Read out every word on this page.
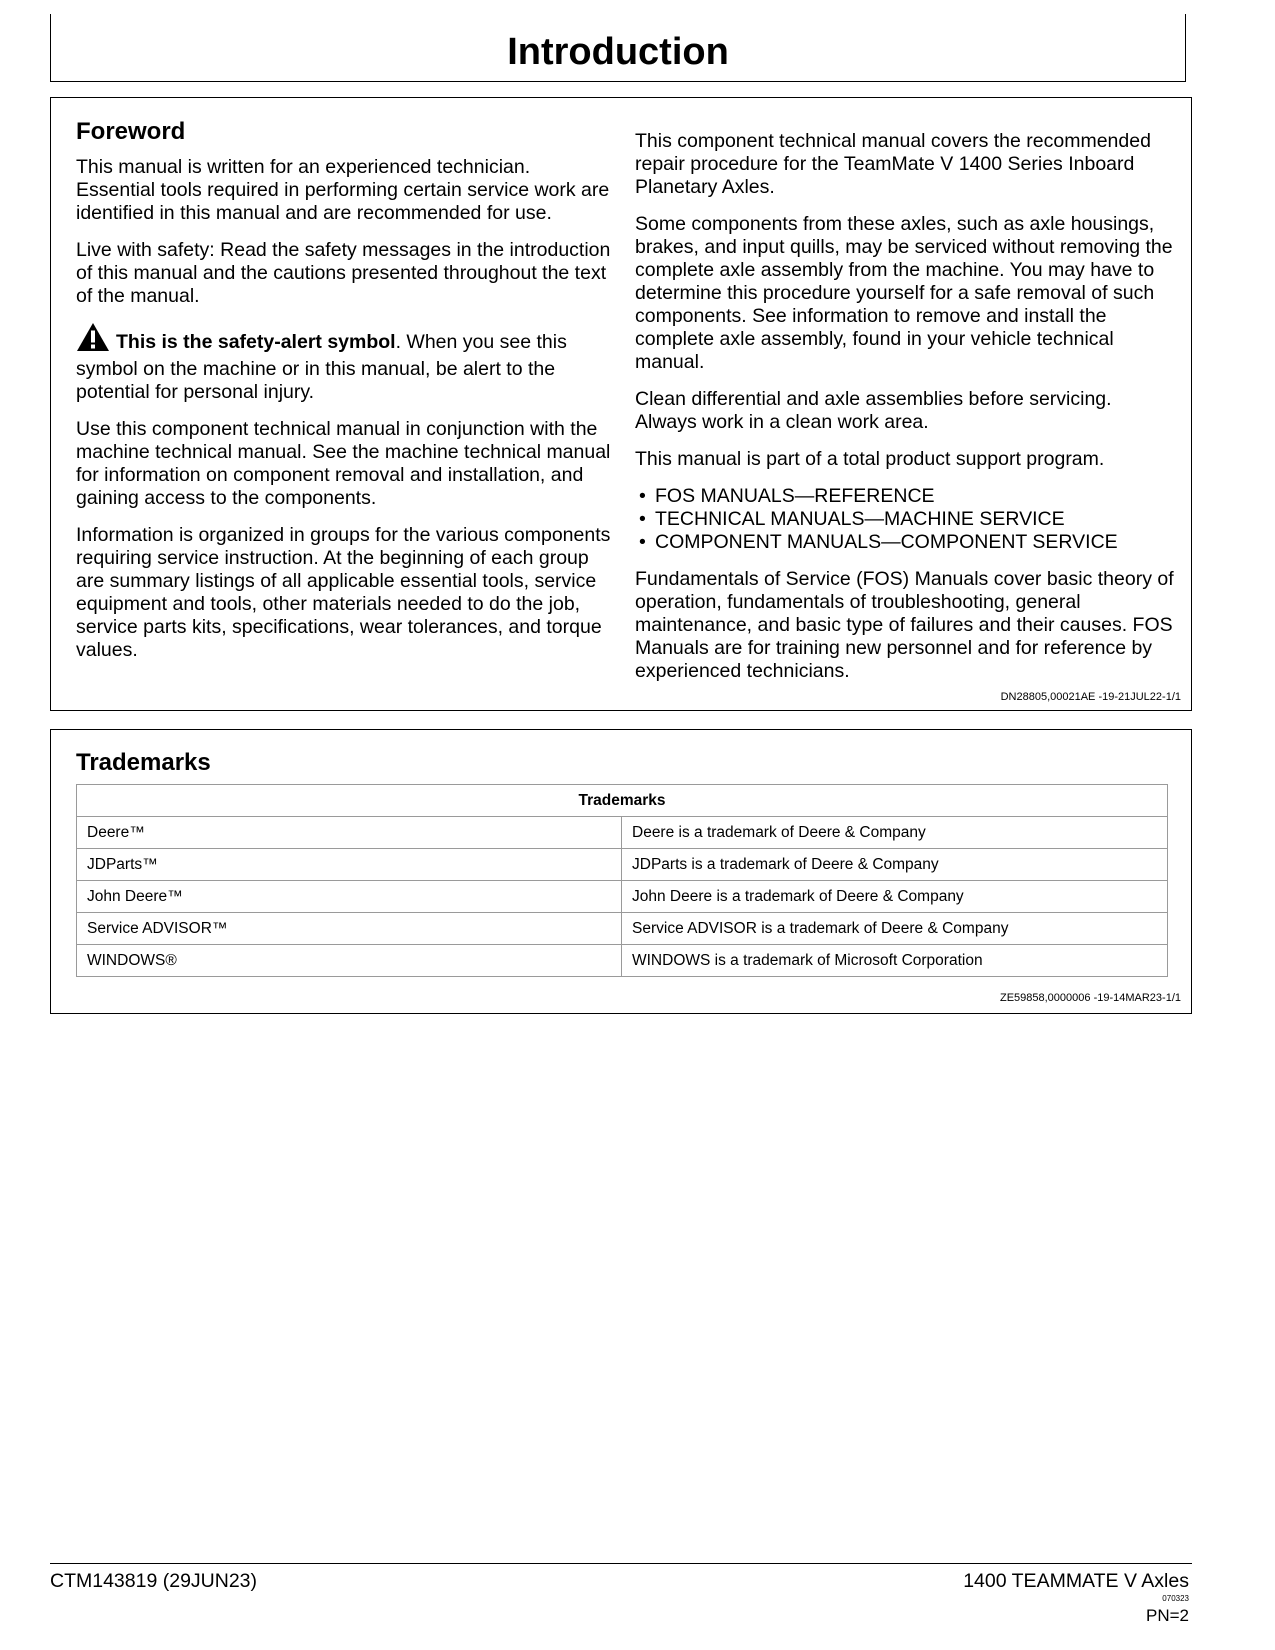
Introduction
Foreword

This manual is written for an experienced technician. Essential tools required in performing certain service work are identified in this manual and are recommended for use.

Live with safety: Read the safety messages in the introduction of this manual and the cautions presented throughout the text of the manual.

This is the safety-alert symbol. When you see this symbol on the machine or in this manual, be alert to the potential for personal injury.

Use this component technical manual in conjunction with the machine technical manual. See the machine technical manual for information on component removal and installation, and gaining access to the components.

Information is organized in groups for the various components requiring service instruction. At the beginning of each group are summary listings of all applicable essential tools, service equipment and tools, other materials needed to do the job, service parts kits, specifications, wear tolerances, and torque values.

This component technical manual covers the recommended repair procedure for the TeamMate V 1400 Series Inboard Planetary Axles.

Some components from these axles, such as axle housings, brakes, and input quills, may be serviced without removing the complete axle assembly from the machine. You may have to determine this procedure yourself for a safe removal of such components. See information to remove and install the complete axle assembly, found in your vehicle technical manual.

Clean differential and axle assemblies before servicing. Always work in a clean work area.

This manual is part of a total product support program.

• FOS MANUALS—REFERENCE
• TECHNICAL MANUALS—MACHINE SERVICE
• COMPONENT MANUALS—COMPONENT SERVICE

Fundamentals of Service (FOS) Manuals cover basic theory of operation, fundamentals of troubleshooting, general maintenance, and basic type of failures and their causes. FOS Manuals are for training new personnel and for reference by experienced technicians.

DN28805,00021AE -19-21JUL22-1/1
Trademarks
Trademarks	
Deere™	Deere is a trademark of Deere & Company
JDParts™	JDParts is a trademark of Deere & Company
John Deere™	John Deere is a trademark of Deere & Company
Service ADVISOR™	Service ADVISOR is a trademark of Deere & Company
WINDOWS®	WINDOWS is a trademark of Microsoft Corporation
ZE59858,0000006 -19-14MAR23-1/1
CTM143819 (29JUN23)	1400 TEAMMATE V Axles
070323
PN=2
